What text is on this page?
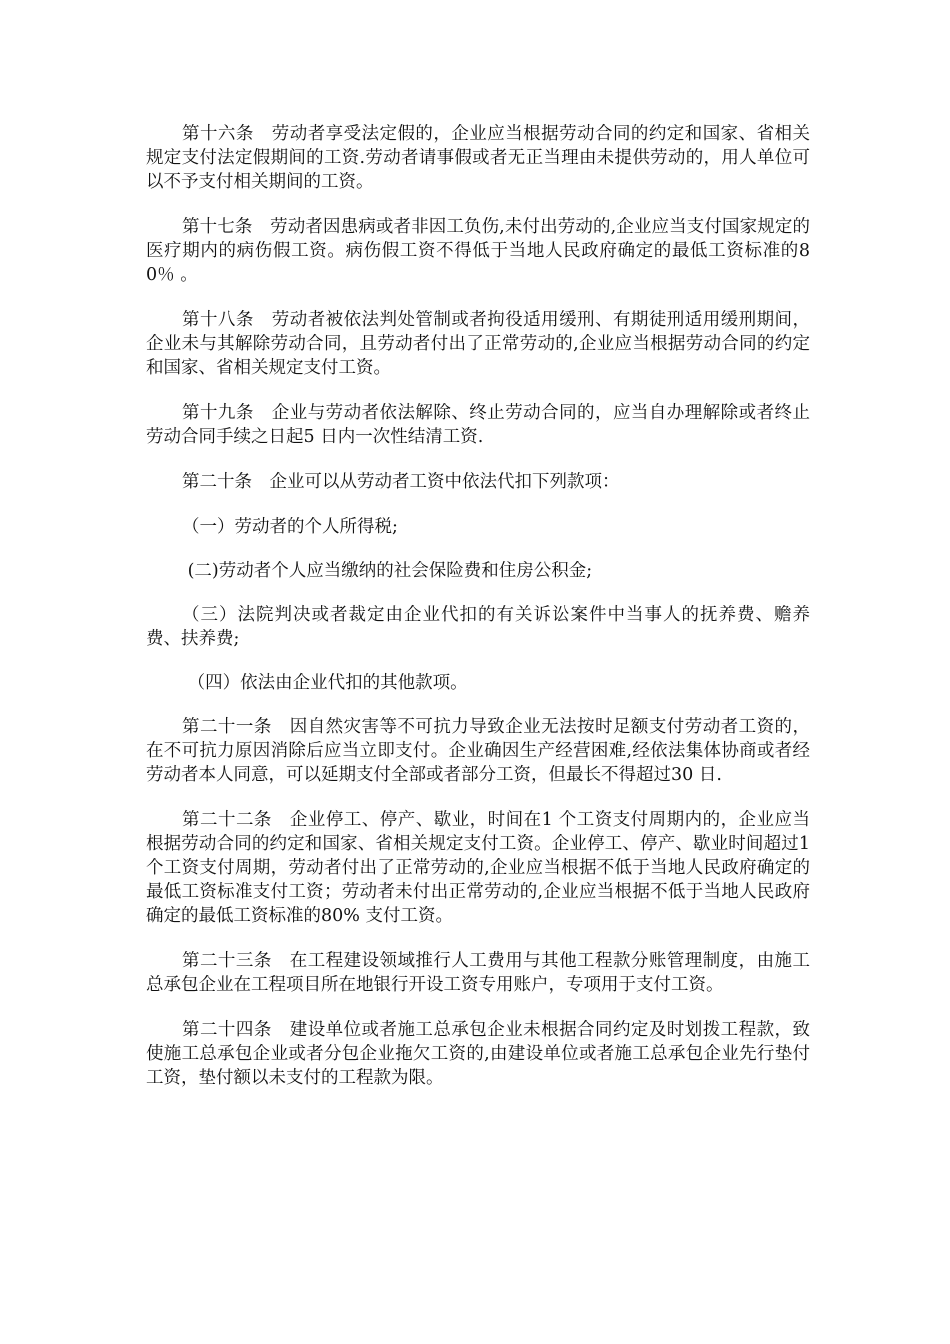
第十六条　劳动者享受法定假的，企业应当根据劳动合同的约定和国家、省相关规定支付法定假期间的工资.劳动者请事假或者无正当理由未提供劳动的，用人单位可以不予支付相关期间的工资。

第十七条　劳动者因患病或者非因工负伤,未付出劳动的,企业应当支付国家规定的医疗期内的病伤假工资。病伤假工资不得低于当地人民政府确定的最低工资标准的80％ 。

第十八条　劳动者被依法判处管制或者拘役适用缓刑、有期徒刑适用缓刑期间，企业未与其解除劳动合同，且劳动者付出了正常劳动的,企业应当根据劳动合同的约定和国家、省相关规定支付工资。

第十九条　企业与劳动者依法解除、终止劳动合同的，应当自办理解除或者终止劳动合同手续之日起5 日内一次性结清工资.

第二十条　企业可以从劳动者工资中依法代扣下列款项：

（一）劳动者的个人所得税;

(二)劳动者个人应当缴纳的社会保险费和住房公积金;

（三）法院判决或者裁定由企业代扣的有关诉讼案件中当事人的抚养费、赡养费、扶养费;

（四）依法由企业代扣的其他款项。

第二十一条　因自然灾害等不可抗力导致企业无法按时足额支付劳动者工资的，在不可抗力原因消除后应当立即支付。企业确因生产经营困难,经依法集体协商或者经劳动者本人同意，可以延期支付全部或者部分工资，但最长不得超过30 日.

第二十二条　企业停工、停产、歇业，时间在1 个工资支付周期内的，企业应当根据劳动合同的约定和国家、省相关规定支付工资。企业停工、停产、歇业时间超过1个工资支付周期，劳动者付出了正常劳动的,企业应当根据不低于当地人民政府确定的最低工资标准支付工资；劳动者未付出正常劳动的,企业应当根据不低于当地人民政府确定的最低工资标准的80% 支付工资。

第二十三条　在工程建设领域推行人工费用与其他工程款分账管理制度，由施工总承包企业在工程项目所在地银行开设工资专用账户，专项用于支付工资。

第二十四条　建设单位或者施工总承包企业未根据合同约定及时划拨工程款，致使施工总承包企业或者分包企业拖欠工资的,由建设单位或者施工总承包企业先行垫付工资，垫付额以未支付的工程款为限。
